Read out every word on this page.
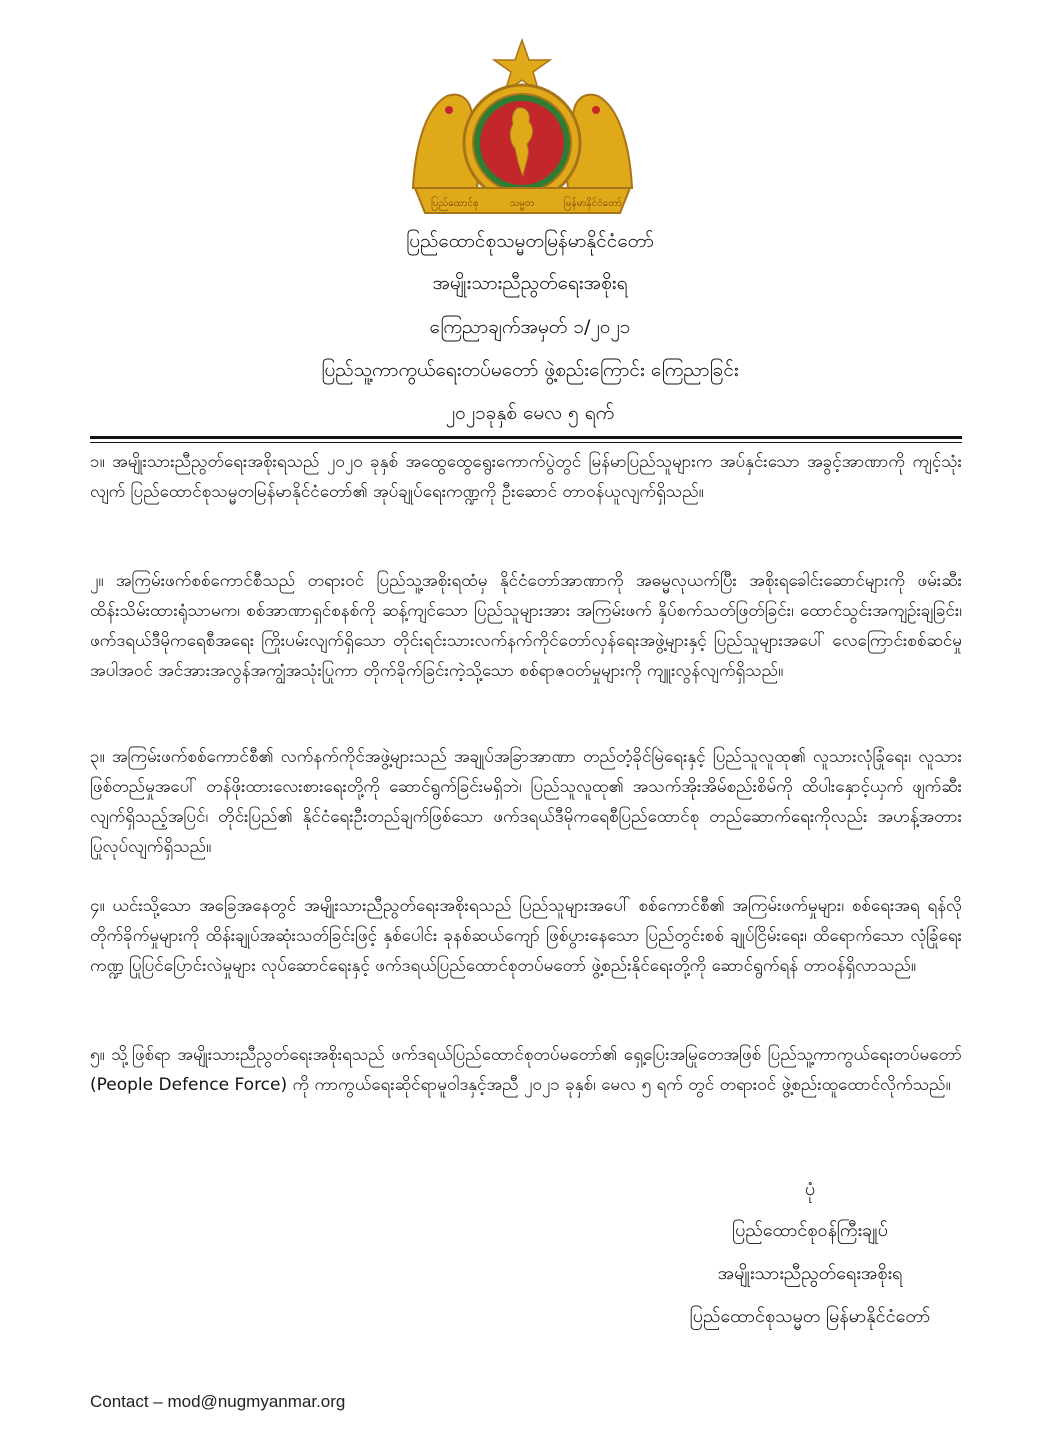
ပြည်ထောင်စု	သမ္မတ	မြန်မာနိုင်ငံတော်
ပြည်ထောင်စုသမ္မတမြန်မာနိုင်ငံတော်
အမျိုးသားညီညွတ်ရေးအစိုးရ
ကြေညာချက်အမှတ် ၁/၂၀၂၁
ပြည်သူ့ကာကွယ်ရေးတပ်မတော် ဖွဲ့စည်းကြောင်း ကြေညာခြင်း
၂၀၂၁ခုနှစ် မေလ ၅ ရက်
၁။ အမျိုးသားညီညွတ်ရေးအစိုးရသည် ၂၀၂၀ ခုနှစ် အထွေထွေရွေးကောက်ပွဲတွင် မြန်မာပြည်သူများက အပ်နှင်းသော အခွင့်အာဏာကို ကျင့်သုံးလျက် ပြည်ထောင်စုသမ္မတမြန်မာနိုင်ငံတော်၏ အုပ်ချုပ်ရေးကဏ္ဍကို ဦးဆောင် တာဝန်ယူလျက်ရှိသည်။
၂။ အကြမ်းဖက်စစ်ကောင်စီသည် တရားဝင် ပြည်သူ့အစိုးရထံမှ နိုင်ငံတော်အာဏာကို အဓမ္မလုယက်ပြီး အစိုးရခေါင်းဆောင်များကို ဖမ်းဆီးထိန်းသိမ်းထားရုံသာမက၊ စစ်အာဏာရှင်စနစ်ကို ဆန့်ကျင်သော ပြည်သူများအား အကြမ်းဖက် နှိပ်စက်သတ်ဖြတ်ခြင်း၊ ထောင်သွင်းအကျဉ်းချခြင်း၊ ဖက်ဒရယ်ဒီမိုကရေစီအရေး ကြိုးပမ်းလျက်ရှိသော တိုင်းရင်းသားလက်နက်ကိုင်တော်လှန်ရေးအဖွဲ့များနှင့် ပြည်သူများအပေါ် လေကြောင်းစစ်ဆင်မှု အပါအဝင် အင်အားအလွန်အကျွံအသုံးပြုကာ တိုက်ခိုက်ခြင်းကဲ့သို့သော စစ်ရာဇဝတ်မှုများကို ကျူးလွန်လျက်ရှိသည်။
၃။ အကြမ်းဖက်စစ်ကောင်စီ၏ လက်နက်ကိုင်အဖွဲ့များသည် အချုပ်အခြာအာဏာ တည်တံ့ခိုင်မြဲရေးနှင့် ပြည်သူလူထု၏ လူသားလုံခြုံရေး၊ လူသားဖြစ်တည်မှုအပေါ် တန်ဖိုးထားလေးစားရေးတို့ကို ဆောင်ရွက်ခြင်းမရှိဘဲ၊ ပြည်သူလူထု၏ အသက်အိုးအိမ်စည်းစိမ်ကို ထိပါးနှောင့်ယှက် ဖျက်ဆီးလျက်ရှိသည့်အပြင်၊ တိုင်းပြည်၏ နိုင်ငံရေးဦးတည်ချက်ဖြစ်သော ဖက်ဒရယ်ဒီမိုကရေစီပြည်ထောင်စု တည်ဆောက်ရေးကိုလည်း အဟန့်အတား ပြုလုပ်လျက်ရှိသည်။
၄။ ယင်းသို့သော အခြေအနေတွင် အမျိုးသားညီညွတ်ရေးအစိုးရသည် ပြည်သူများအပေါ် စစ်ကောင်စီ၏ အကြမ်းဖက်မှုများ၊ စစ်ရေးအရ ရန်လိုတိုက်ခိုက်မှုများကို ထိန်းချုပ်အဆုံးသတ်ခြင်းဖြင့် နှစ်ပေါင်း ခုနစ်ဆယ်ကျော် ဖြစ်ပွားနေသော ပြည်တွင်းစစ် ချုပ်ငြိမ်းရေး၊ ထိရောက်သော လုံခြုံရေးကဏ္ဍ ပြုပြင်ပြောင်းလဲမှုများ လုပ်ဆောင်ရေးနှင့် ဖက်ဒရယ်ပြည်ထောင်စုတပ်မတော် ဖွဲ့စည်းနိုင်ရေးတို့ကို ဆောင်ရွက်ရန် တာဝန်ရှိလာသည်။
၅။ သို့ဖြစ်ရာ အမျိုးသားညီညွတ်ရေးအစိုးရသည် ဖက်ဒရယ်ပြည်ထောင်စုတပ်မတော်၏ ရှေ့ပြေးအမြုတေအဖြစ် ပြည်သူ့ကာကွယ်ရေးတပ်မတော် (People Defence Force) ကို ကာကွယ်ရေးဆိုင်ရာမူဝါဒနှင့်အညီ ၂၀၂၁ ခုနှစ်၊ မေလ ၅ ရက် တွင် တရားဝင် ဖွဲ့စည်းထူထောင်လိုက်သည်။
ပုံ
ပြည်ထောင်စုဝန်ကြီးချုပ်
အမျိုးသားညီညွတ်ရေးအစိုးရ
ပြည်ထောင်စုသမ္မတ မြန်မာနိုင်ငံတော်
Contact – mod@nugmyanmar.org
